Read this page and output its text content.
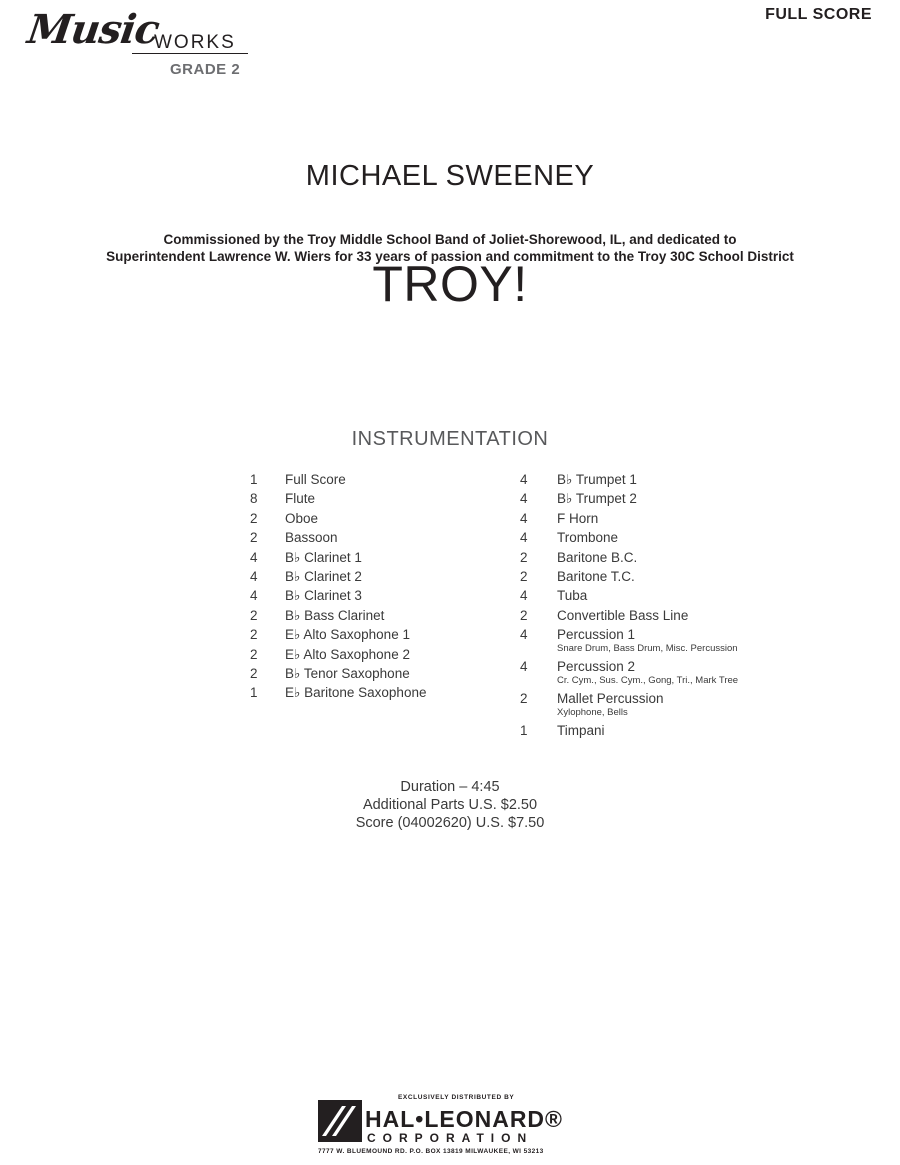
Music
WORKS
GRADE 2
FULL SCORE
MICHAEL SWEENEY
Commissioned by the Troy Middle School Band of Joliet-Shorewood, IL, and dedicated to
Superintendent Lawrence W. Wiers for 33 years of passion and commitment to the Troy 30C School District
TROY!
INSTRUMENTATION
1	Full Score
8	Flute
2	Oboe
2	Bassoon
4	B♭ Clarinet 1
4	B♭ Clarinet 2
4	B♭ Clarinet 3
2	B♭ Bass Clarinet
2	E♭ Alto Saxophone 1
2	E♭ Alto Saxophone 2
2	B♭ Tenor Saxophone
1	E♭ Baritone Saxophone
4	B♭ Trumpet 1
4	B♭ Trumpet 2
4	F Horn
4	Trombone
2	Baritone B.C.
2	Baritone T.C.
4	Tuba
2	Convertible Bass Line
4	Percussion 1
Snare Drum, Bass Drum, Misc. Percussion
4	Percussion 2
Cr. Cym., Sus. Cym., Gong, Tri., Mark Tree
2	Mallet Percussion
Xylophone, Bells
1	Timpani
Duration – 4:45
Additional Parts U.S. $2.50
Score (04002620) U.S. $7.50
EXCLUSIVELY DISTRIBUTED BY
HAL•LEONARD®
CORPORATION
7777 W. BLUEMOUND RD. P.O. BOX 13819 MILWAUKEE, WI 53213
